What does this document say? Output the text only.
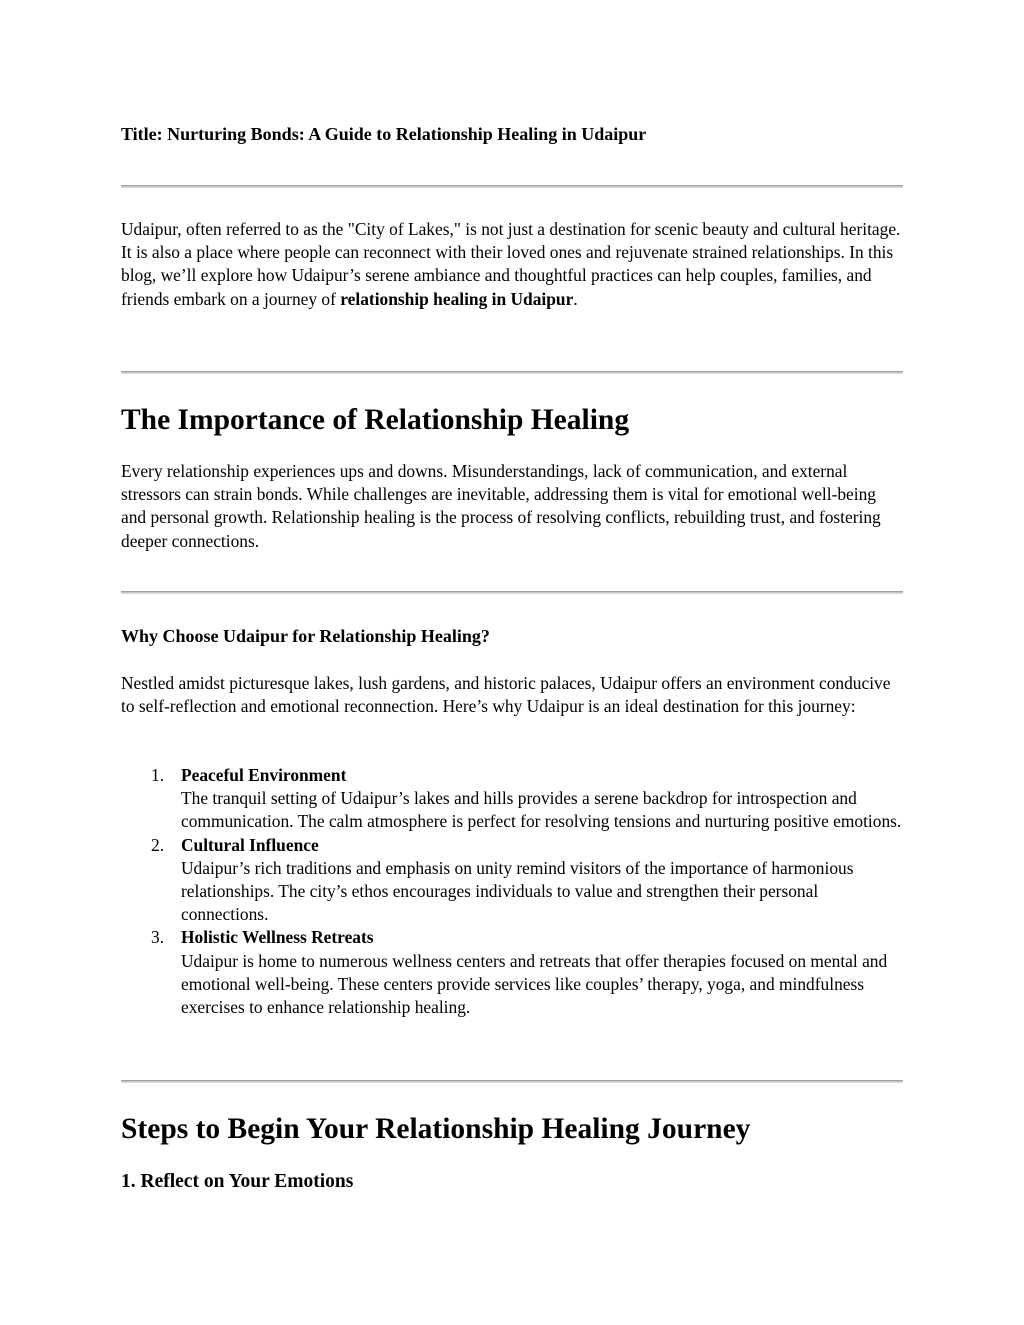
Title: Nurturing Bonds: A Guide to Relationship Healing in Udaipur

Udaipur, often referred to as the "City of Lakes," is not just a destination for scenic beauty and cultural heritage. It is also a place where people can reconnect with their loved ones and rejuvenate strained relationships. In this blog, we’ll explore how Udaipur’s serene ambiance and thoughtful practices can help couples, families, and friends embark on a journey of relationship healing in Udaipur.

The Importance of Relationship Healing

Every relationship experiences ups and downs. Misunderstandings, lack of communication, and external stressors can strain bonds. While challenges are inevitable, addressing them is vital for emotional well-being and personal growth. Relationship healing is the process of resolving conflicts, rebuilding trust, and fostering deeper connections.

Why Choose Udaipur for Relationship Healing?

Nestled amidst picturesque lakes, lush gardens, and historic palaces, Udaipur offers an environment conducive to self-reflection and emotional reconnection. Here’s why Udaipur is an ideal destination for this journey:

1. Peaceful Environment
The tranquil setting of Udaipur’s lakes and hills provides a serene backdrop for introspection and communication. The calm atmosphere is perfect for resolving tensions and nurturing positive emotions.
2. Cultural Influence
Udaipur’s rich traditions and emphasis on unity remind visitors of the importance of harmonious relationships. The city’s ethos encourages individuals to value and strengthen their personal connections.
3. Holistic Wellness Retreats
Udaipur is home to numerous wellness centers and retreats that offer therapies focused on mental and emotional well-being. These centers provide services like couples’ therapy, yoga, and mindfulness exercises to enhance relationship healing.
Steps to Begin Your Relationship Healing Journey
1. Reflect on Your Emotions
